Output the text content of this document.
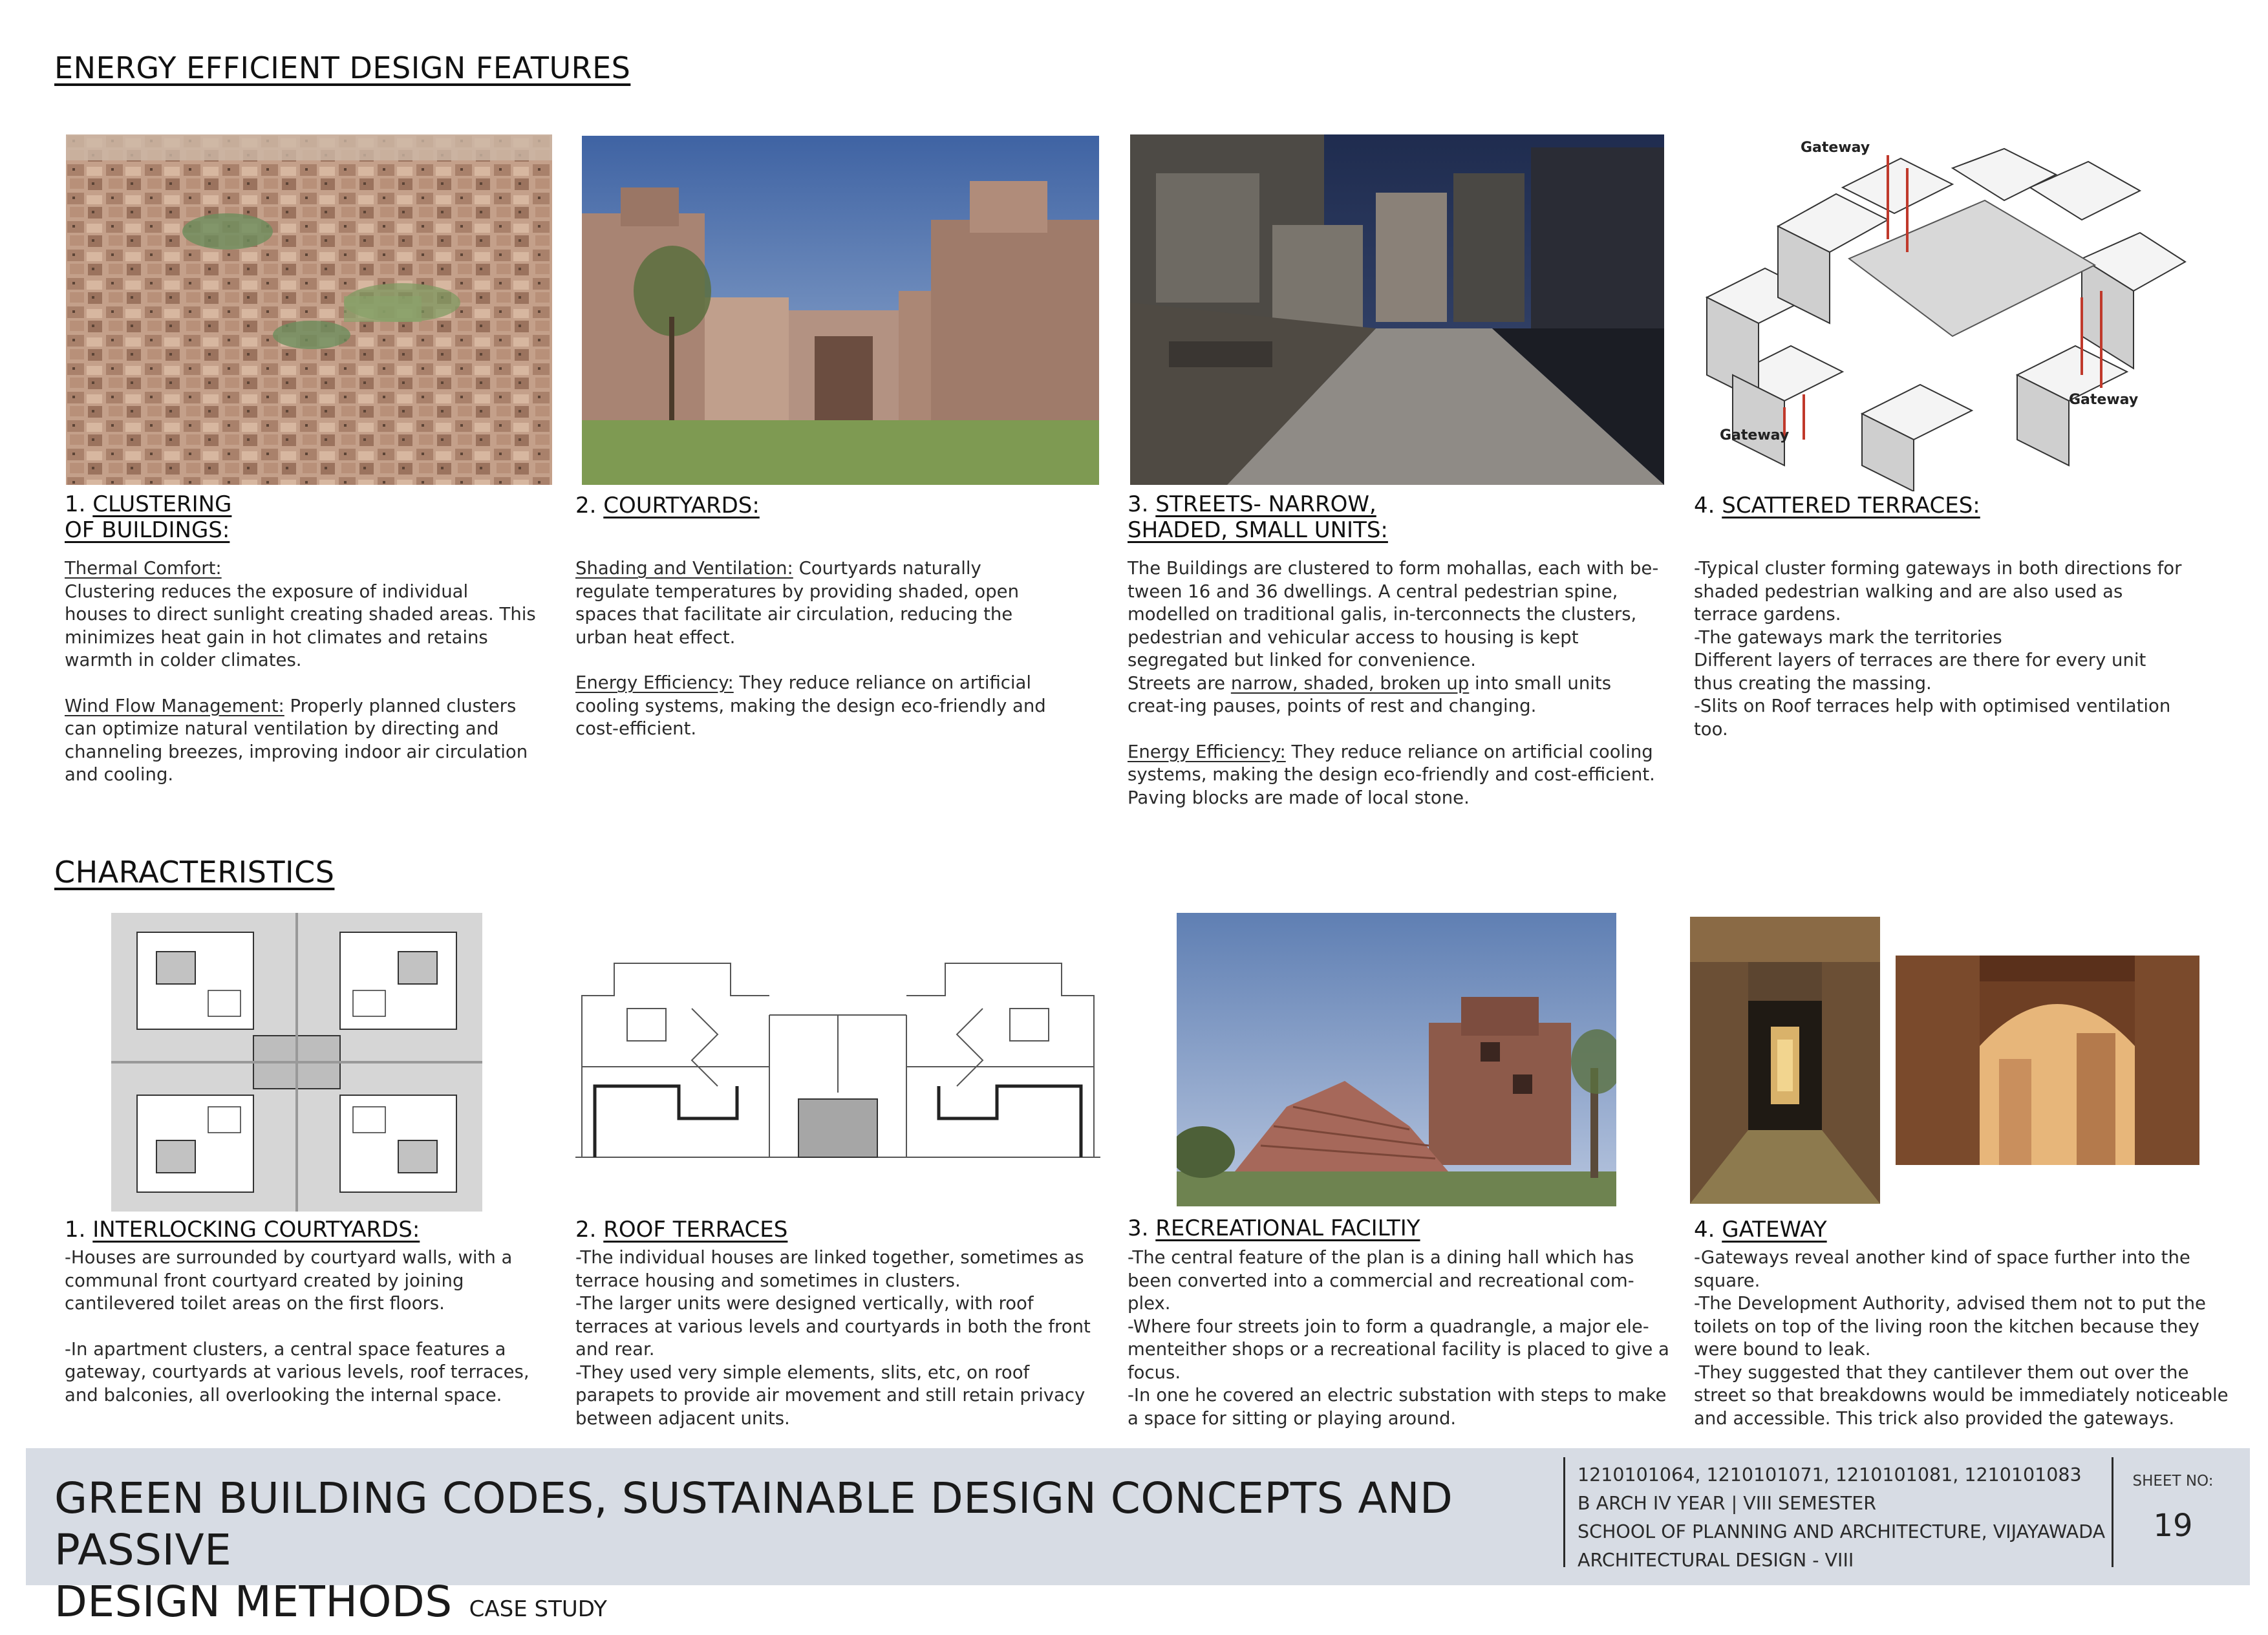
ENERGY EFFICIENT DESIGN FEATURES
CHARACTERISTICS
Gateway
Gateway
Gateway
1. CLUSTERING
OF BUILDINGS:

Thermal Comfort:

Clustering reduces the exposure of individual houses to direct sunlight creating shaded areas. This minimizes heat gain in hot climates and retains warmth in colder climates.

Wind Flow Management: Properly planned clusters can optimize natural ventilation by directing and channeling breezes, improving indoor air circulation and cooling.

2. COURTYARDS:

Shading and Ventilation: Courtyards naturally regulate temperatures by providing shaded, open spaces that facilitate air circulation, reducing the urban heat effect.

Energy Efficiency: They reduce reliance on artificial cooling systems, making the design eco-friendly and cost-efficient.

3. STREETS- NARROW,
SHADED, SMALL UNITS:

The Buildings are clustered to form mohallas, each with be-tween 16 and 36 dwellings. A central pedestrian spine, modelled on traditional galis, in-terconnects the clusters, pedestrian and vehicular access to housing is kept segregated but linked for convenience.

Streets are narrow, shaded, broken up into small units creat-ing pauses, points of rest and changing.

Energy Efficiency: They reduce reliance on artificial cooling systems, making the design eco-friendly and cost-efficient. Paving blocks are made of local stone.

4. SCATTERED TERRACES:

-Typical cluster forming gateways in both directions for shaded pedestrian walking and are also used as terrace gardens.

-The gateways mark the territories

Different layers of terraces are there for every unit thus creating the massing.

-Slits on Roof terraces help with optimised ventilation too.

1. INTERLOCKING COURTYARDS:

-Houses are surrounded by courtyard walls, with a communal front courtyard created by joining cantilevered toilet areas on the first floors.

-In apartment clusters, a central space features a gateway, courtyards at various levels, roof terraces, and balconies, all overlooking the internal space.

2. ROOF TERRACES

-The individual houses are linked together, sometimes as terrace housing and sometimes in clusters.

-The larger units were designed vertically, with roof terraces at various levels and courtyards in both the front and rear.

-They used very simple elements, slits, etc, on roof parapets to provide air movement and still retain privacy between adjacent units.

3. RECREATIONAL FACILTIY

-The central feature of the plan is a dining hall which has been converted into a commercial and recreational com-plex.

-Where four streets join to form a quadrangle, a major ele-menteither shops or a recreational facility is placed to give a focus.

-In one he covered an electric substation with steps to make a space for sitting or playing around.

4. GATEWAY

-Gateways reveal another kind of space further into the square.

-The Development Authority, advised them not to put the toilets on top of the living roon the kitchen because they were bound to leak.

-They suggested that they cantilever them out over the street so that breakdowns would be immediately noticeable and accessible. This trick also provided the gateways.

GREEN BUILDING CODES, SUSTAINABLE DESIGN CONCEPTS AND PASSIVE
DESIGN METHODS CASE STUDY
1210101064, 1210101071, 1210101081, 1210101083
B ARCH IV YEAR | VIII SEMESTER
SCHOOL OF PLANNING AND ARCHITECTURE, VIJAYAWADA
ARCHITECTURAL DESIGN - VIII
SHEET NO:
19
